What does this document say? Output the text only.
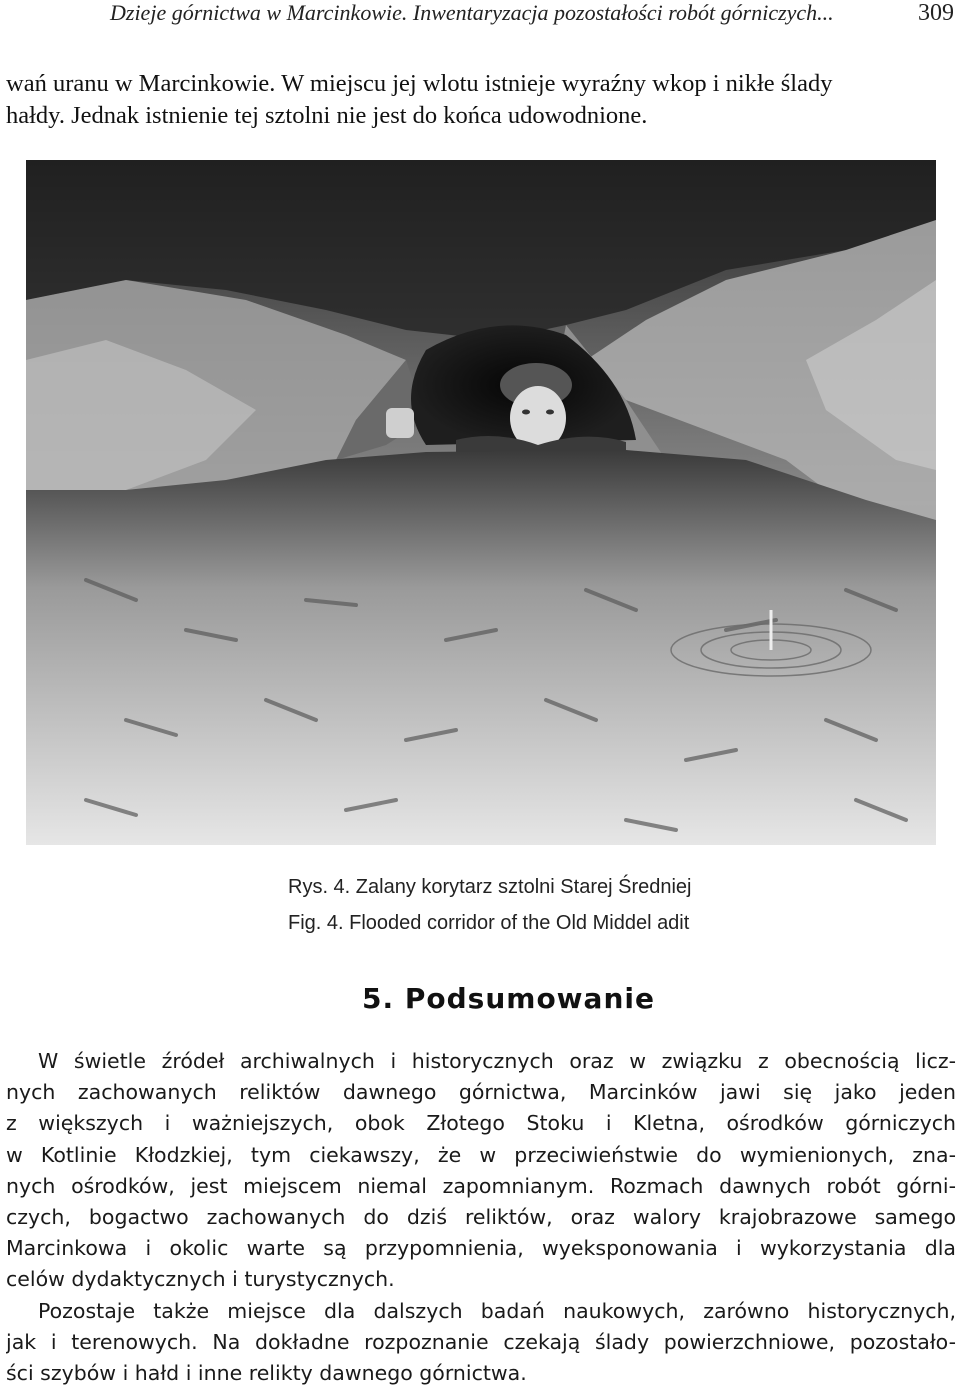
Dzieje górnictwa w Marcinkowie. Inwentaryzacja pozostałości robót górniczych...	309
wań uranu w Marcinkowie. W miejscu jej wlotu istnieje wyraźny wkop i nikłe ślady
hałdy. Jednak istnienie tej sztolni nie jest do końca udowodnione.
Rys. 4. Zalany korytarz sztolni Starej Średniej
Fig. 4. Flooded corridor of the Old Middel adit
5. Podsumowanie
W świetle źródeł archiwalnych i historycznych oraz w związku z obecnością licz-
nych zachowanych reliktów dawnego górnictwa, Marcinków jawi się jako jeden
z większych i ważniejszych, obok Złotego Stoku i Kletna, ośrodków górniczych
w Kotlinie Kłodzkiej, tym ciekawszy, że w przeciwieństwie do wymienionych, zna-
nych ośrodków, jest miejscem niemal zapomnianym. Rozmach dawnych robót górni-
czych, bogactwo zachowanych do dziś reliktów, oraz walory krajobrazowe samego
Marcinkowa i okolic warte są przypomnienia, wyeksponowania i wykorzystania dla
celów dydaktycznych i turystycznych.
Pozostaje także miejsce dla dalszych badań naukowych, zarówno historycznych,
jak i terenowych. Na dokładne rozpoznanie czekają ślady powierzchniowe, pozostało-
ści szybów i hałd i inne relikty dawnego górnictwa.
